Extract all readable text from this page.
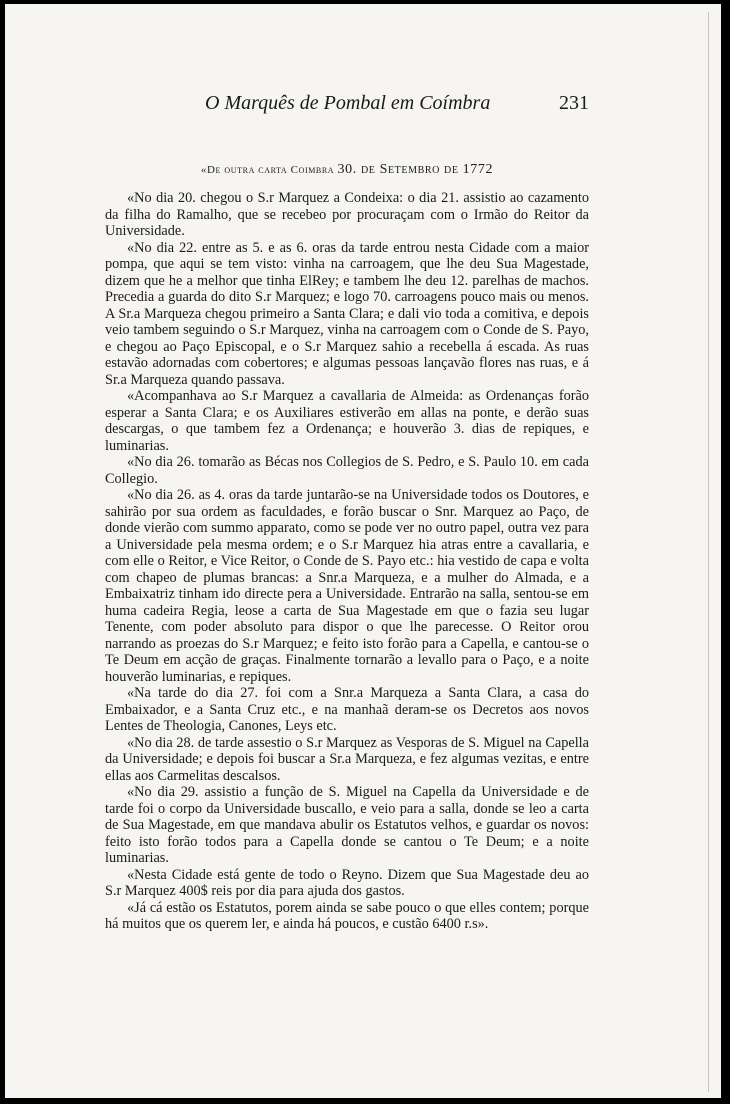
O Marquês de Pombal em Coímbra	231
«De outra carta Coimbra 30. de Setembro de 1772

«No dia 20. chegou o S.r Marquez a Condeixa: o dia 21. assistio ao cazamento da filha do Ramalho, que se recebeo por procuraçam com o Irmão do Reitor da Universidade.

«No dia 22. entre as 5. e as 6. oras da tarde entrou nesta Cidade com a maior pompa, que aqui se tem visto: vinha na carroagem, que lhe deu Sua Magestade, dizem que he a melhor que tinha ElRey; e tambem lhe deu 12. parelhas de machos. Precedia a guarda do dito S.r Marquez; e logo 70. carroagens pouco mais ou menos. A Sr.a Marqueza chegou primeiro a Santa Clara; e dali vio toda a comitiva, e depois veio tambem seguindo o S.r Marquez, vinha na carroagem com o Conde de S. Payo, e chegou ao Paço Episcopal, e o S.r Marquez sahio a recebella á escada. As ruas estavão adornadas com cobertores; e algumas pessoas lançavão flores nas ruas, e á Sr.a Marqueza quando passava.

«Acompanhava ao S.r Marquez a cavallaria de Almeida: as Ordenanças forão esperar a Santa Clara; e os Auxiliares estiverão em allas na ponte, e derão suas descargas, o que tambem fez a Ordenança; e houverão 3. dias de repiques, e luminarias.

«No dia 26. tomarão as Bécas nos Collegios de S. Pedro, e S. Paulo 10. em cada Collegio.

«No dia 26. as 4. oras da tarde juntarão-se na Universidade todos os Doutores, e sahirão por sua ordem as faculdades, e forão buscar o Snr. Marquez ao Paço, de donde vierão com summo apparato, como se pode ver no outro papel, outra vez para a Universidade pela mesma ordem; e o S.r Marquez hia atras entre a cavallaria, e com elle o Reitor, e Vice Reitor, o Conde de S. Payo etc.: hia vestido de capa e volta com chapeo de plumas brancas: a Snr.a Marqueza, e a mulher do Almada, e a Embaixatriz tinham ido directe pera a Universidade. Entrarão na salla, sentou-se em huma cadeira Regia, leose a carta de Sua Magestade em que o fazia seu lugar Tenente, com poder absoluto para dispor o que lhe parecesse. O Reitor orou narrando as proezas do S.r Marquez; e feito isto forão para a Capella, e cantou-se o Te Deum em acção de graças. Finalmente tornarão a levallo para o Paço, e a noite houverão luminarias, e repiques.

«Na tarde do dia 27. foi com a Snr.a Marqueza a Santa Clara, a casa do Embaixador, e a Santa Cruz etc., e na manhaã deram-se os Decretos aos novos Lentes de Theologia, Canones, Leys etc.

«No dia 28. de tarde assestio o S.r Marquez as Vesporas de S. Miguel na Capella da Universidade; e depois foi buscar a Sr.a Marqueza, e fez algumas vezitas, e entre ellas aos Carmelitas descalsos.

«No dia 29. assistio a função de S. Miguel na Capella da Universidade e de tarde foi o corpo da Universidade buscallo, e veio para a salla, donde se leo a carta de Sua Magestade, em que mandava abulir os Estatutos velhos, e guardar os novos: feito isto forão todos para a Capella donde se cantou o Te Deum; e a noite luminarias.

«Nesta Cidade está gente de todo o Reyno. Dizem que Sua Magestade deu ao S.r Marquez 400$ reis por dia para ajuda dos gastos.

«Já cá estão os Estatutos, porem ainda se sabe pouco o que elles contem; porque há muitos que os querem ler, e ainda há poucos, e custão 6400 r.s».
